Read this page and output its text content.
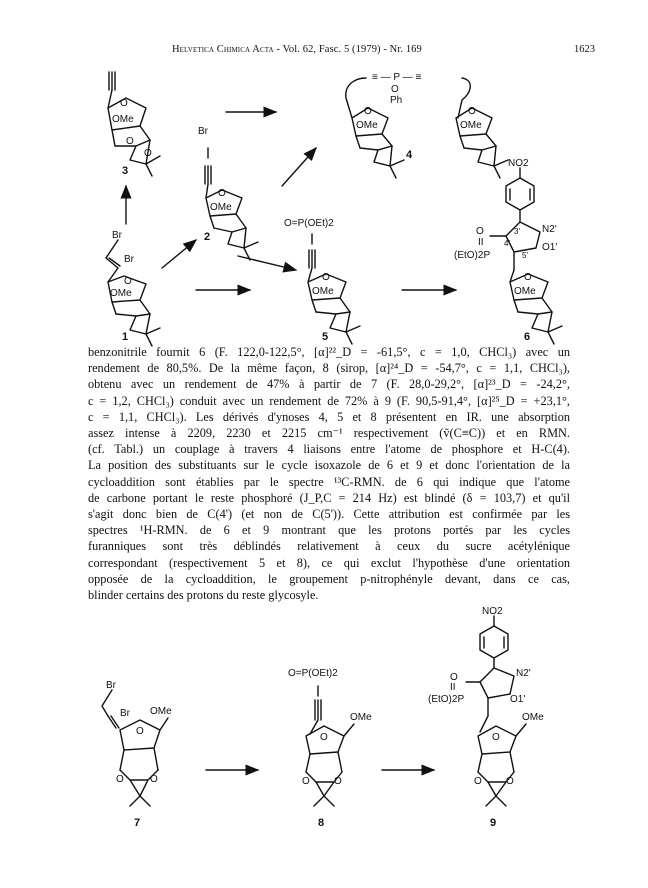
Helvetica Chimica Acta - Vol. 62, Fasc. 5 (1979) - Nr. 169	1623
O
OMe
O
O
≡ — P — ≡
O
Ph
O
OMe
O
OMe
Br
O
OMe
Br
Br
O
OMe
O=P(OEt)2
O
OMe
NO2
O
II
(EtO)2P
N2'
O1'
3'
4'
5'
O
OMe
Br
Br OMe
O
O	O
O=P(OEt)2
OMe
O
O O
NO2
N2'
O1'
O
II
(EtO)2P
OMe
O
O O
3
4
2
1	5	6
7	8	9
benzonitrile fournit 6 (F. 122,0-122,5°, [α]²²_D = -61,5°, c = 1,0, CHCl₃) avec un
rendement de 80,5%. De la même façon, 8 (sirop, [α]²⁴_D = -54,7°, c = 1,1, CHCl₃),
obtenu avec un rendement de 47% à partir de 7 (F. 28,0-29,2°, [α]²³_D = -24,2°,
c = 1,2, CHCl₃) conduit avec un rendement de 72% à 9 (F. 90,5-91,4°, [α]²⁵_D = +23,1°,
c = 1,1, CHCl₃). Les dérivés d'ynoses 4, 5 et 8 présentent en IR. une absorption
assez intense à 2209, 2230 et 2215 cm⁻¹ respectivement (ṽ(C≡C)) et en RMN.
(cf. Tabl.) un couplage à travers 4 liaisons entre l'atome de phosphore et H-C(4).
La position des substituants sur le cycle isoxazole de 6 et 9 et donc l'orientation de la
cycloaddition sont établies par le spectre ¹³C-RMN. de 6 qui indique que l'atome
de carbone portant le reste phosphoré (J_P,C = 214 Hz) est blindé (δ = 103,7) et qu'il
s'agit donc bien de C(4') (et non de C(5')). Cette attribution est confirmée par les
spectres ¹H-RMN. de 6 et 9 montrant que les protons portés par les cycles
furanniques sont très déblindés relativement à ceux du sucre acétylénique
correspondant (respectivement 5 et 8), ce qui exclut l'hypothèse d'une orientation
opposée de la cycloaddition, le groupement p-nitrophényle devant, dans ce cas,
blinder certains des protons du reste glycosyle.
